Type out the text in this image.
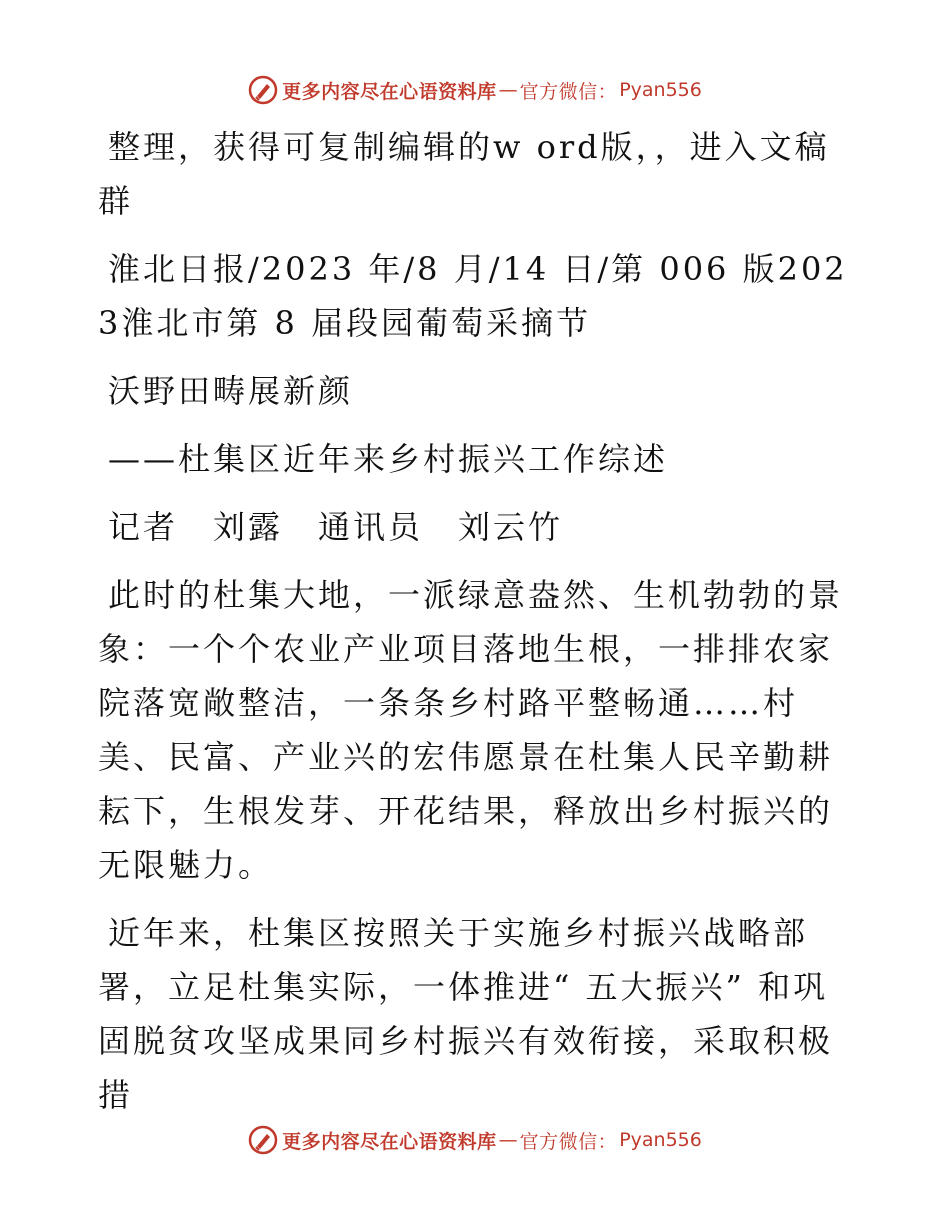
更多内容尽在心语资料库 — 官方微信： Pyan556

整理，获得可复制编辑的w ord版，，进入文稿群

淮北日报/2023 年/8 月/14 日/第 006 版2023淮北市第 8 届段园葡萄采摘节

沃野田畴展新颜

——杜集区近年来乡村振兴工作综述

记者　刘露　通讯员　刘云竹

此时的杜集大地，一派绿意盎然、生机勃勃的景象：一个个农业产业项目落地生根，一排排农家院落宽敞整洁，一条条乡村路平整畅通……村美、民富、产业兴的宏伟愿景在杜集人民辛勤耕耘下，生根发芽、开花结果，释放出乡村振兴的无限魅力。

近年来，杜集区按照关于实施乡村振兴战略部署，立足杜集实际，一体推进“ 五大振兴” 和巩固脱贫攻坚成果同乡村振兴有效衔接，采取积极措

更多内容尽在心语资料库 — 官方微信： Pyan556
